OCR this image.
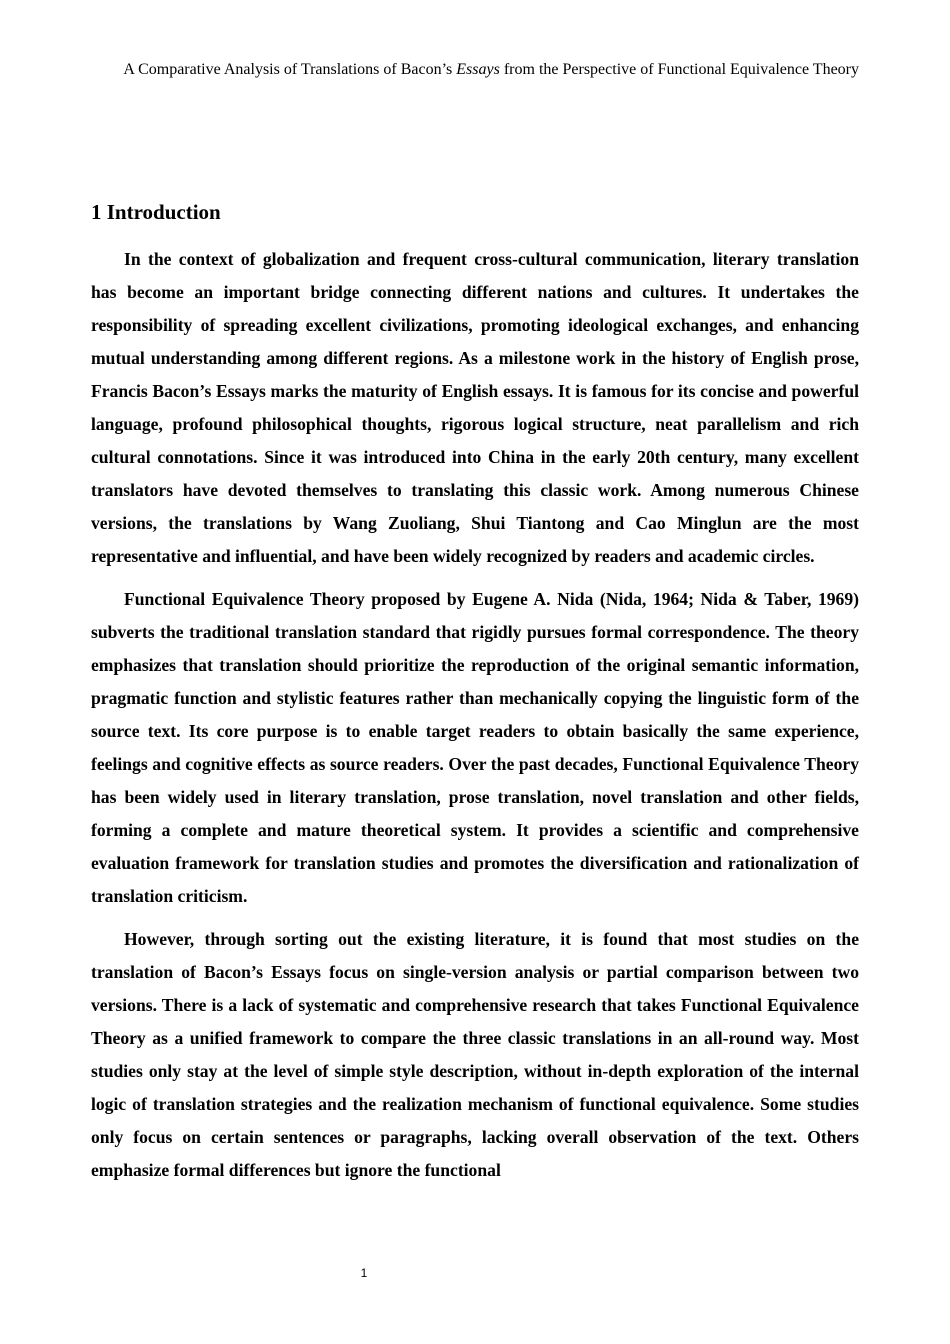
A Comparative Analysis of Translations of Bacon’s Essays from the Perspective of Functional Equivalence Theory
1 Introduction

In the context of globalization and frequent cross-cultural communication, literary translation has become an important bridge connecting different nations and cultures. It undertakes the responsibility of spreading excellent civilizations, promoting ideological exchanges, and enhancing mutual understanding among different regions. As a milestone work in the history of English prose, Francis Bacon’s Essays marks the maturity of English essays. It is famous for its concise and powerful language, profound philosophical thoughts, rigorous logical structure, neat parallelism and rich cultural connotations. Since it was introduced into China in the early 20th century, many excellent translators have devoted themselves to translating this classic work. Among numerous Chinese versions, the translations by Wang Zuoliang, Shui Tiantong and Cao Minglun are the most representative and influential, and have been widely recognized by readers and academic circles.

Functional Equivalence Theory proposed by Eugene A. Nida (Nida, 1964; Nida & Taber, 1969) subverts the traditional translation standard that rigidly pursues formal correspondence. The theory emphasizes that translation should prioritize the reproduction of the original semantic information, pragmatic function and stylistic features rather than mechanically copying the linguistic form of the source text. Its core purpose is to enable target readers to obtain basically the same experience, feelings and cognitive effects as source readers. Over the past decades, Functional Equivalence Theory has been widely used in literary translation, prose translation, novel translation and other fields, forming a complete and mature theoretical system. It provides a scientific and comprehensive evaluation framework for translation studies and promotes the diversification and rationalization of translation criticism.

However, through sorting out the existing literature, it is found that most studies on the translation of Bacon’s Essays focus on single-version analysis or partial comparison between two versions. There is a lack of systematic and comprehensive research that takes Functional Equivalence Theory as a unified framework to compare the three classic translations in an all-round way. Most studies only stay at the level of simple style description, without in-depth exploration of the internal logic of translation strategies and the realization mechanism of functional equivalence. Some studies only focus on certain sentences or paragraphs, lacking overall observation of the text. Others emphasize formal differences but ignore the functional

1
